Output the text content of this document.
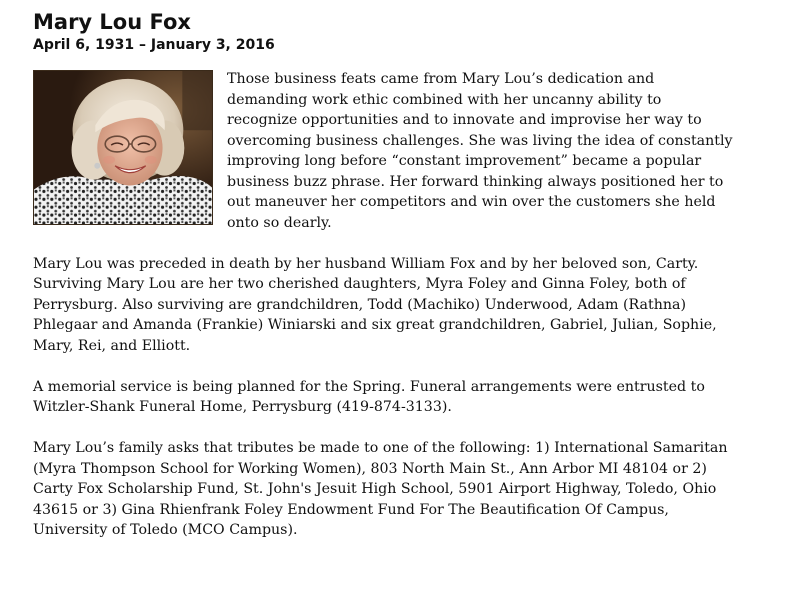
Mary Lou Fox
April 6, 1931 – January 3, 2016

Those business feats came from Mary Lou’s dedication and demanding work ethic combined with her uncanny ability to recognize opportunities and to innovate and improvise her way to overcoming business challenges. She was living the idea of constantly improving long before “constant improvement” became a popular business buzz phrase. Her forward thinking always positioned her to out maneuver her competitors and win over the customers she held onto so dearly.

Mary Lou was preceded in death by her husband William Fox and by her beloved son, Carty. Surviving Mary Lou are her two cherished daughters, Myra Foley and Ginna Foley, both of Perrysburg. Also surviving are grandchildren, Todd (Machiko) Underwood, Adam (Rathna) Phlegaar and Amanda (Frankie) Winiarski and six great grandchildren, Gabriel, Julian, Sophie, Mary, Rei, and Elliott.

A memorial service is being planned for the Spring. Funeral arrangements were entrusted to Witzler-Shank Funeral Home, Perrysburg (419-874-3133).

Mary Lou’s family asks that tributes be made to one of the following: 1) International Samaritan (Myra Thompson School for Working Women), 803 North Main St., Ann Arbor MI 48104 or 2) Carty Fox Scholarship Fund, St. John's Jesuit High School, 5901 Airport Highway, Toledo, Ohio 43615 or 3) Gina Rhienfrank Foley Endowment Fund For The Beautification Of Campus, University of Toledo (MCO Campus).
